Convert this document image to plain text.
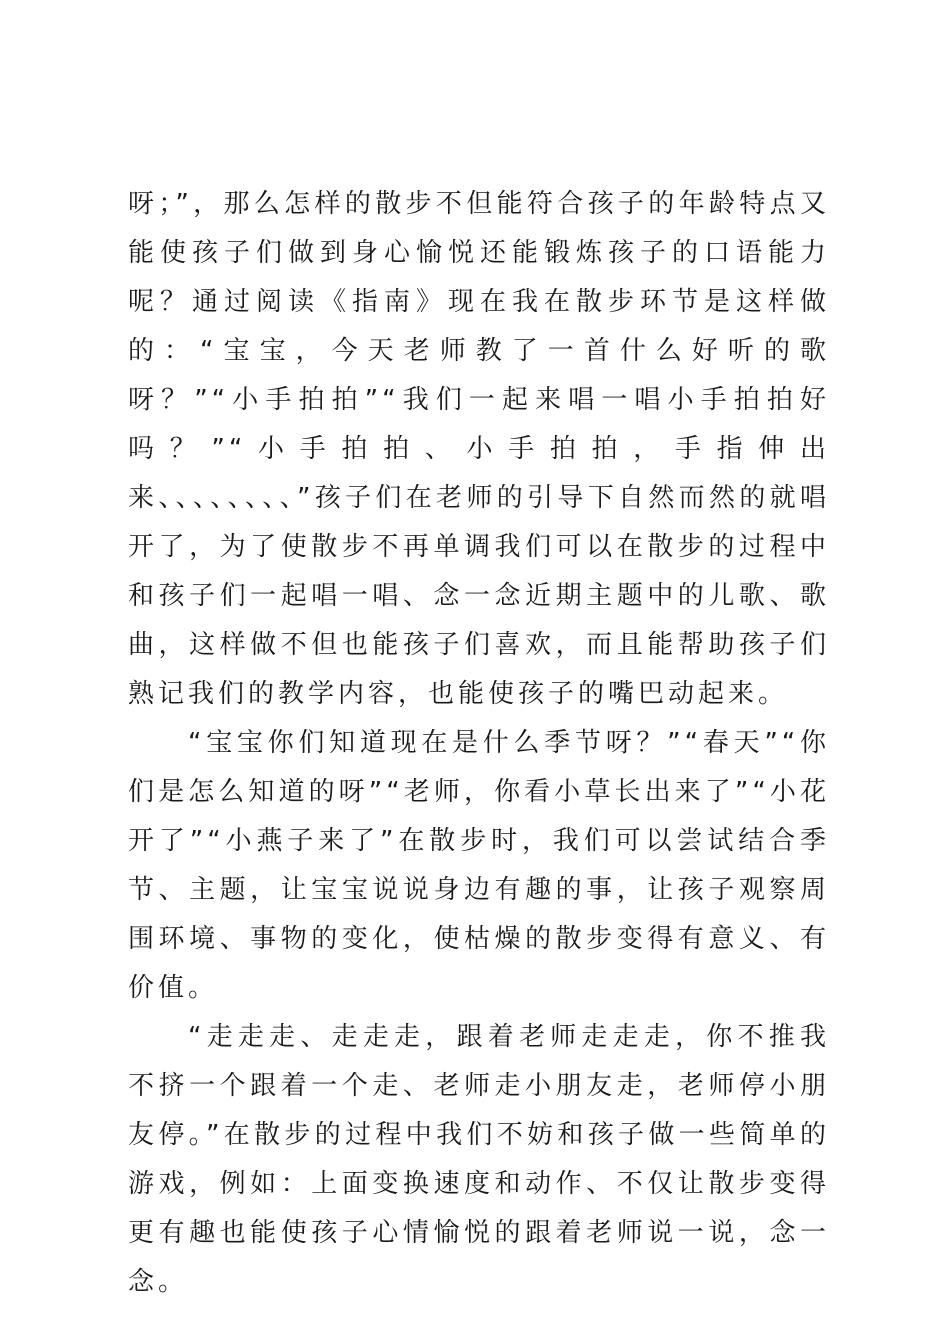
呀；”，那么怎样的散步不但能符合孩子的年龄特点又能使孩子们做到身心愉悦还能锻炼孩子的口语能力呢？通过阅读《指南》现在我在散步环节是这样做的：“宝宝，今天老师教了一首什么好听的歌呀？”“小手拍拍”“我们一起来唱一唱小手拍拍好吗？”“小手拍拍、小手拍拍，手指伸出来、、、、、、、、”孩子们在老师的引导下自然而然的就唱开了，为了使散步不再单调我们可以在散步的过程中和孩子们一起唱一唱、念一念近期主题中的儿歌、歌曲，这样做不但也能孩子们喜欢，而且能帮助孩子们熟记我们的教学内容，也能使孩子的嘴巴动起来。

“宝宝你们知道现在是什么季节呀？”“春天”“你们是怎么知道的呀”“老师，你看小草长出来了”“小花开了”“小燕子来了”在散步时，我们可以尝试结合季节、主题，让宝宝说说身边有趣的事，让孩子观察周围环境、事物的变化，使枯燥的散步变得有意义、有价值。

“走走走、走走走，跟着老师走走走，你不推我不挤一个跟着一个走、老师走小朋友走，老师停小朋友停。”在散步的过程中我们不妨和孩子做一些简单的游戏，例如：上面变换速度和动作、不仅让散步变得更有趣也能使孩子心情愉悦的跟着老师说一说，念一念。
